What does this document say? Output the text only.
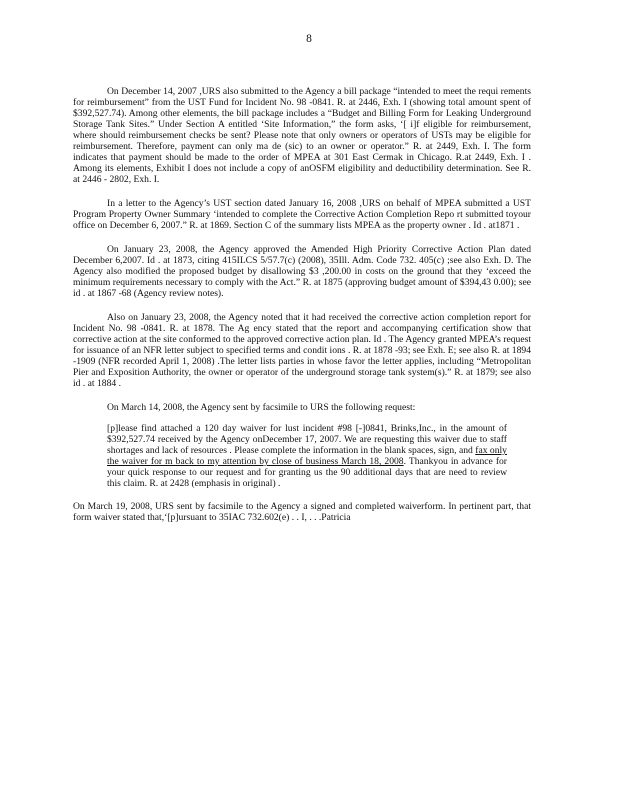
8

On December 14, 2007 ,URS also submitted to the Agency a bill package “intended to meet the requi rements for reimbursement” from the UST Fund for Incident No. 98 -0841. R. at 2446, Exh. I (showing total amount spent of $392,527.74). Among other elements, the bill package includes a “Budget and Billing Form for Leaking Underground Storage Tank Sites.” Under Section A entitled ‘Site Information,” the form asks, ‘[ i]f eligible for reimbursement, where should reimbursement checks be sent? Please note that only owners or operators of USTs may be eligible for reimbursement. Therefore, payment can only ma de (sic) to an owner or operator.” R. at 2449, Exh. I. The form indicates that payment should be made to the order of MPEA at 301 East Cermak in Chicago. R.at 2449, Exh. I . Among its elements, Exhibit I does not include a copy of anOSFM eligibility and deductibility determination. See R. at 2446 - 2802, Exh. I.

In a letter to the Agency’s UST section dated January 16, 2008 ,URS on behalf of MPEA submitted a UST Program Property Owner Summary ‘intended to complete the Corrective Action Completion Repo rt submitted toyour office on December 6, 2007.” R. at 1869. Section C of the summary lists MPEA as the property owner . Id . at1871 .

On January 23, 2008, the Agency approved the Amended High Priority Corrective Action Plan dated December 6,2007. Id . at 1873, citing 415ILCS 5/57.7(c) (2008), 35Ill. Adm. Code 732. 405(c) ;see also Exh. D. The Agency also modified the proposed budget by disallowing $3 ,200.00 in costs on the ground that they ‘exceed the minimum requirements necessary to comply with the Act.” R. at 1875 (approving budget amount of $394,43 0.00); see id . at 1867 -68 (Agency review notes).

Also on January 23, 2008, the Agency noted that it had received the corrective action completion report for Incident No. 98 -0841. R. at 1878. The Ag ency stated that the report and accompanying certification show that corrective action at the site conformed to the approved corrective action plan. Id . The Agency granted MPEA’s request for issuance of an NFR letter subject to specified terms and condit ions . R. at 1878 -93; see Exh. E; see also R. at 1894 -1909 (NFR recorded April 1, 2008) .The letter lists parties in whose favor the letter applies, including “Metropolitan Pier and Exposition Authority, the owner or operator of the underground storage tank system(s).” R. at 1879; see also id . at 1884 .

On March 14, 2008, the Agency sent by facsimile to URS the following request:

[p]lease find attached a 120 day waiver for lust incident #98 [-]0841, Brinks,Inc., in the amount of $392,527.74 received by the Agency onDecember 17, 2007. We are requesting this waiver due to staff shortages and lack of resources . Please complete the information in the blank spaces, sign, and fax only the waiver for m back to my attention by close of business March 18, 2008. Thankyou in advance for your quick response to our request and for granting us the 90 additional days that are need to review this claim. R. at 2428 (emphasis in original) .

On March 19, 2008, URS sent by facsimile to the Agency a signed and completed waiverform. In pertinent part, that form waiver stated that,‘[p]ursuant to 35IAC 732.602(e) . . I, . . .Patricia
